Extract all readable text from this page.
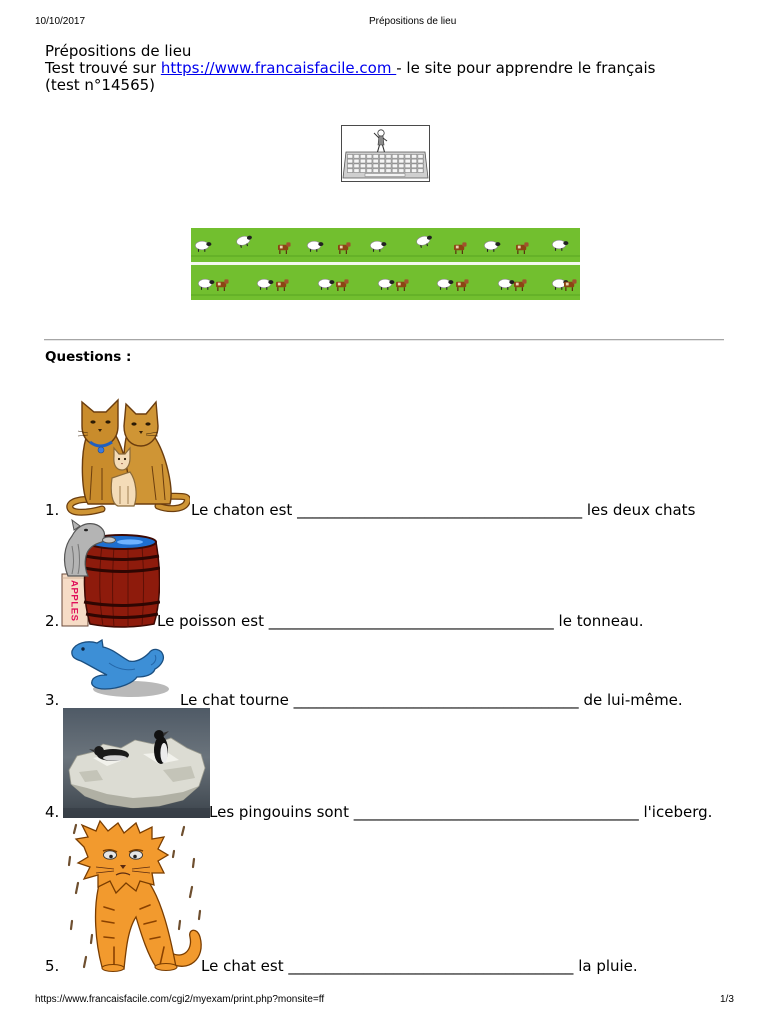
10/10/2017	Prépositions de lieu
Prépositions de lieu
Test trouvé sur https://www.francaisfacile.com - le site pour apprendre le français
(test n°14565)
Questions :
APPLES
1.	Le chaton est ______________________________________ les deux chats
2.	Le poisson est ______________________________________ le tonneau.
3.	Le chat tourne ______________________________________ de lui-même.
4.	Les pingouins sont ______________________________________ l'iceberg.
5.	Le chat est ______________________________________ la pluie.
https://www.francaisfacile.com/cgi2/myexam/print.php?monsite=ff	1/3
